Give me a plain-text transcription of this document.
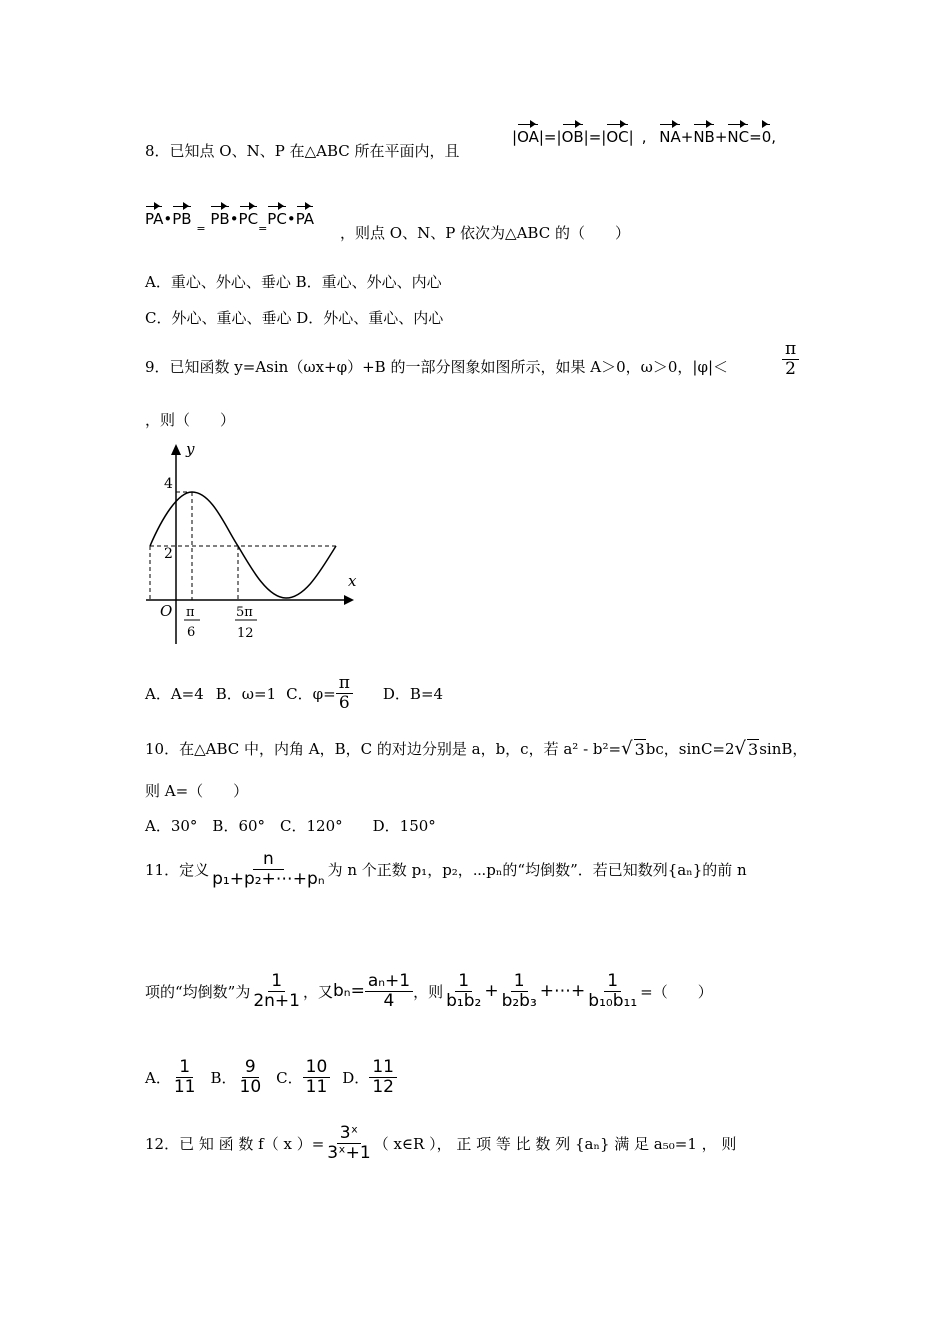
8．已知点 O、N、P 在△ABC 所在平面内，且
|OA|=|OB|=|OC| , NA+NB+NC=0,
PA•PB $_=$ $PB•PC_=PC•PA$
，则点 O、N、P 依次为△ABC 的（　　）
A．重心、外心、垂心 B．重心、外心、内心
C．外心、重心、垂心 D．外心、重心、内心
9．已知函数 y=Asin（ωx+φ）+B 的一部分图象如图所示，如果 A＞0，ω＞0，|φ|＜	$\frac{\pi}{2}$
，则（　　）
y
x
O
4
2
π
6
5π
12
A．A=4 B．ω=1 C．$\varphi= \frac{\pi}{6}$ D．B=4
10．在△ABC 中，内角 A，B，C 的对边分别是 a，b，c，若 a² - b²= √ 3 bc，sinC=2 √ 3 sinB，
则 A=（　　）
A．30°　B．60°　C．120°　　D．150°
11．定义 $\frac{n}{\text{p₁+p₂+⋯+pₙ}}$ 为 n 个正数 p₁，p₂，⋯pₙ的“均倒数”．若已知数列{aₙ}的前 n
项的“均倒数”为 $\frac{1}{2n+1}$ ，又 $b_n= \frac{\text{aₙ+1}}{4}$ ，则 $\frac{1}{\text{b₁b₂}} + \frac{1}{\text{b₂b₃}}$ +⋯+ $\frac{1}{\text{b₁₀b₁₁}}$ =（　　）
A． $\frac{1}{11}$ B． $\frac{9}{10}$ C． $\frac{10}{11}$ D． $\frac{11}{12}$
12．已 知 函 数 f（ x ）= $\frac{\text{3ˣ}}{\text{3ˣ+1}}$ （ x∈R ）， 正 项 等 比 数 列 {aₙ} 满 足 a₅₀=1 ， 则
